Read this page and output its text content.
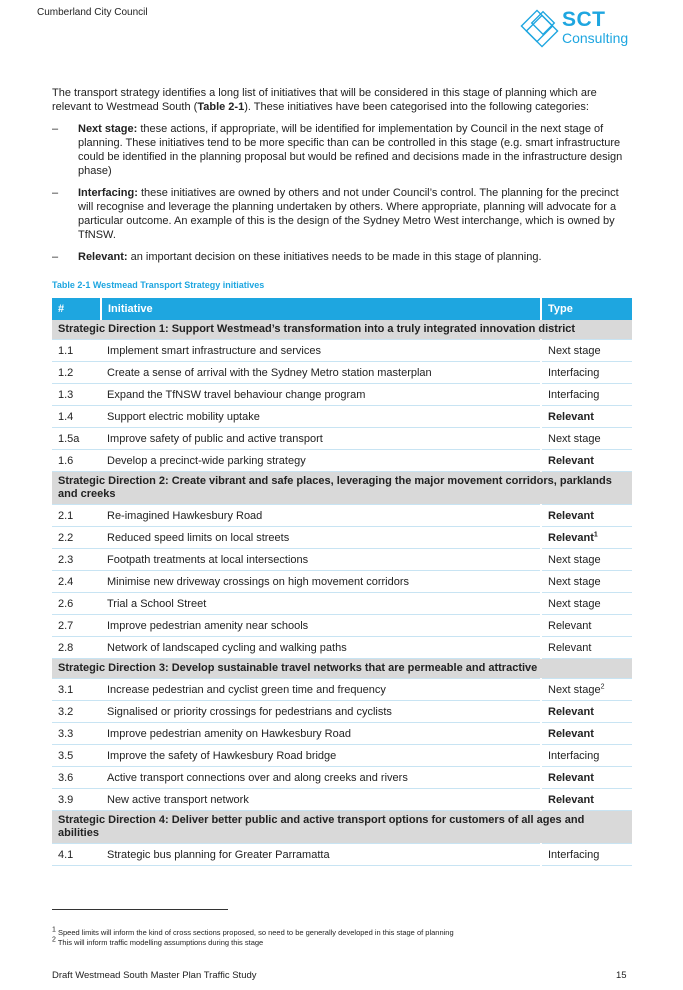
Cumberland City Council	SCT
Consulting
The transport strategy identifies a long list of initiatives that will be considered in this stage of planning which are relevant to Westmead South (Table 2-1). These initiatives have been categorised into the following categories:
– Next stage: these actions, if appropriate, will be identified for implementation by Council in the next stage of planning. These initiatives tend to be more specific than can be controlled in this stage (e.g. smart infrastructure could be identified in the planning proposal but would be refined and decisions made in the infrastructure design phase)
– Interfacing: these initiatives are owned by others and not under Council’s control. The planning for the precinct will recognise and leverage the planning undertaken by others. Where appropriate, planning will advocate for a particular outcome. An example of this is the design of the Sydney Metro West interchange, which is owned by TfNSW.
– Relevant: an important decision on these initiatives needs to be made in this stage of planning.
Table 2-1 Westmead Transport Strategy initiatives
#	Initiative	Type
Strategic Direction 1: Support Westmead’s transformation into a truly integrated innovation district		
1.1	Implement smart infrastructure and services	Next stage
1.2	Create a sense of arrival with the Sydney Metro station masterplan	Interfacing
1.3	Expand the TfNSW travel behaviour change program	Interfacing
1.4	Support electric mobility uptake	Relevant
1.5a	Improve safety of public and active transport	Next stage
1.6	Develop a precinct-wide parking strategy	Relevant
Strategic Direction 2: Create vibrant and safe places, leveraging the major movement corridors, parklands and creeks		
2.1	Re-imagined Hawkesbury Road	Relevant
2.2	Reduced speed limits on local streets	Relevant$^1$
2.3	Footpath treatments at local intersections	Next stage
2.4	Minimise new driveway crossings on high movement corridors	Next stage
2.6	Trial a School Street	Next stage
2.7	Improve pedestrian amenity near schools	Relevant
2.8	Network of landscaped cycling and walking paths	Relevant
Strategic Direction 3: Develop sustainable travel networks that are permeable and attractive		
3.1	Increase pedestrian and cyclist green time and frequency	Next stage$^2$
3.2	Signalised or priority crossings for pedestrians and cyclists	Relevant
3.3	Improve pedestrian amenity on Hawkesbury Road	Relevant
3.5	Improve the safety of Hawkesbury Road bridge	Interfacing
3.6	Active transport connections over and along creeks and rivers	Relevant
3.9	New active transport network	Relevant
Strategic Direction 4: Deliver better public and active transport options for customers of all ages and abilities		
4.1	Strategic bus planning for Greater Parramatta	Interfacing
$^1$ Speed limits will inform the kind of cross sections proposed, so need to be generally developed in this stage of planning
$^2$ This will inform traffic modelling assumptions during this stage
Draft Westmead South Master Plan Traffic Study	15
